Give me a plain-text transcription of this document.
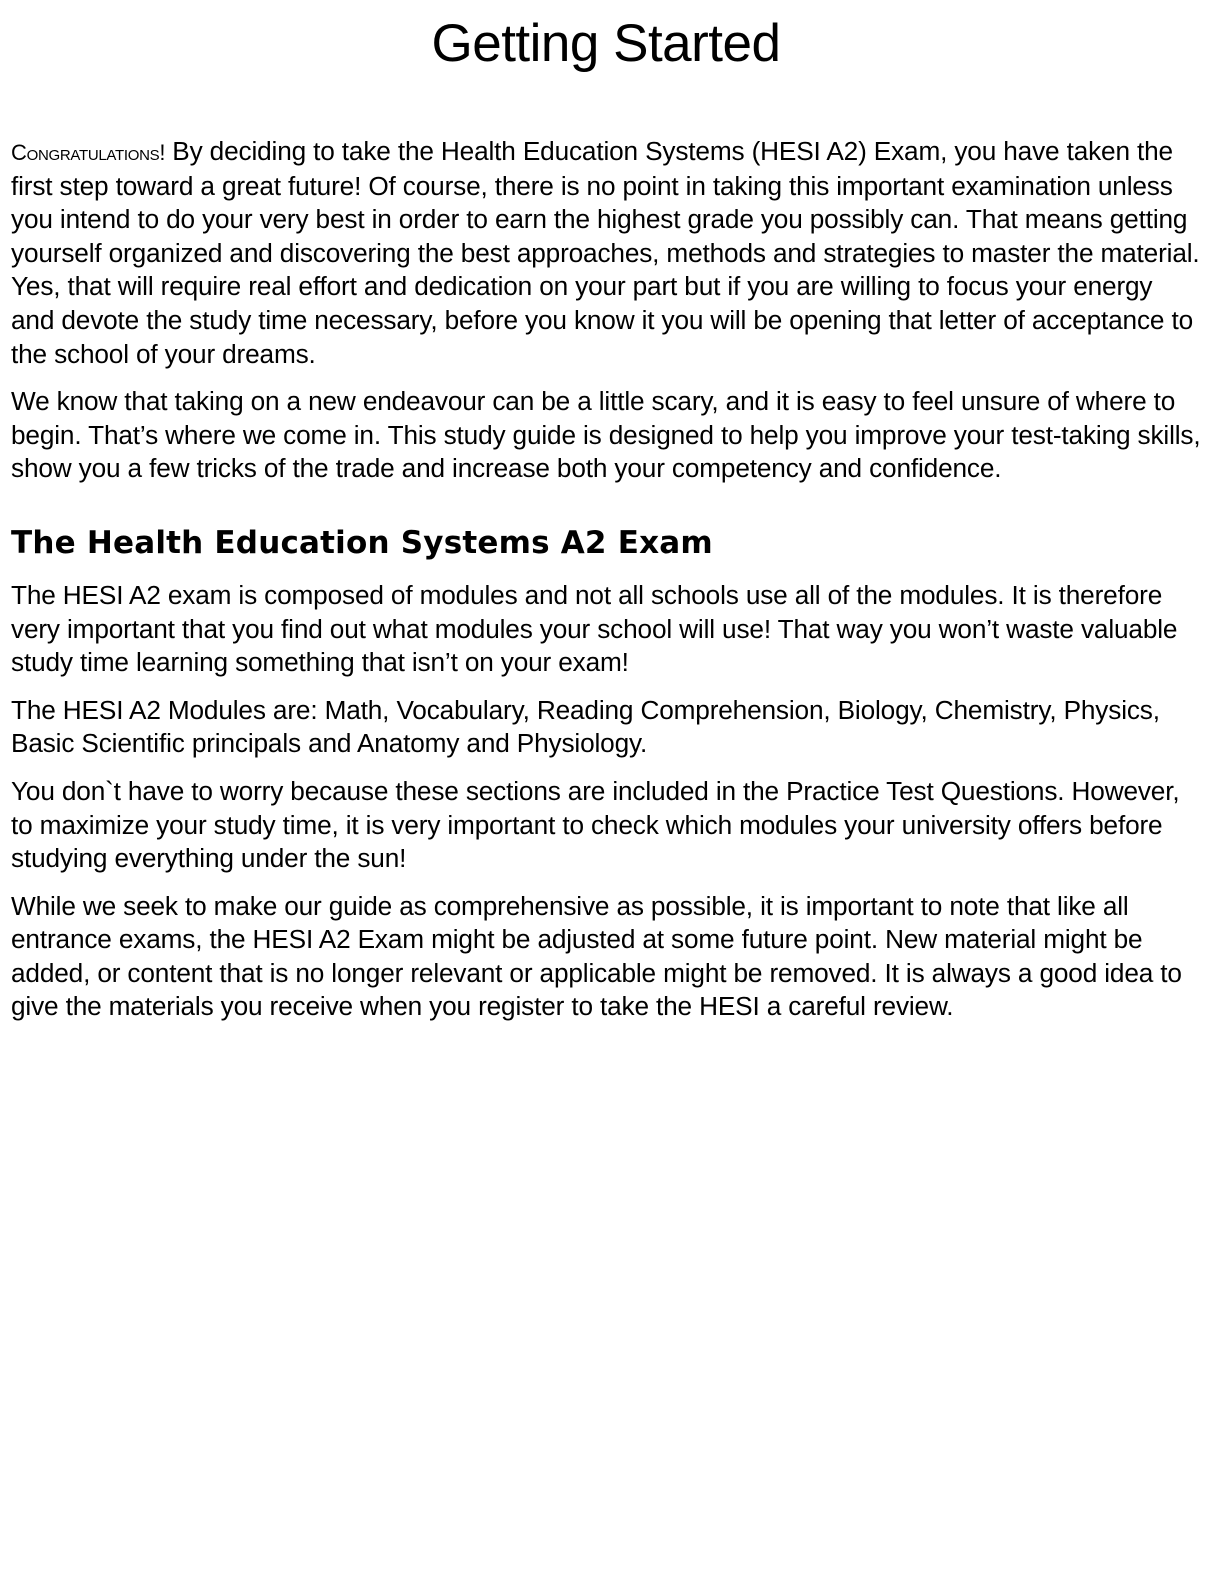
Getting Started

Congratulations! By deciding to take the Health Education Systems (HESI A2) Exam, you have taken the first step toward a great future! Of course, there is no point in taking this important examination unless you intend to do your very best in order to earn the highest grade you possibly can. That means getting yourself organized and discovering the best approaches, methods and strategies to master the material. Yes, that will require real effort and dedication on your part but if you are willing to focus your energy and devote the study time necessary, before you know it you will be opening that letter of acceptance to the school of your dreams.

We know that taking on a new endeavour can be a little scary, and it is easy to feel unsure of where to begin. That’s where we come in. This study guide is designed to help you improve your test-taking skills, show you a few tricks of the trade and increase both your competency and confidence.

The Health Education Systems A2 Exam

The HESI A2 exam is composed of modules and not all schools use all of the modules. It is therefore very important that you find out what modules your school will use! That way you won’t waste valuable study time learning something that isn’t on your exam!

The HESI A2 Modules are: Math, Vocabulary, Reading Comprehension, Biology, Chemistry, Physics, Basic Scientific principals and Anatomy and Physiology.

You don`t have to worry because these sections are included in the Practice Test Questions. However, to maximize your study time, it is very important to check which modules your university offers before studying everything under the sun!

While we seek to make our guide as comprehensive as possible, it is important to note that like all entrance exams, the HESI A2 Exam might be adjusted at some future point. New material might be added, or content that is no longer relevant or applicable might be removed. It is always a good idea to give the materials you receive when you register to take the HESI a careful review.
